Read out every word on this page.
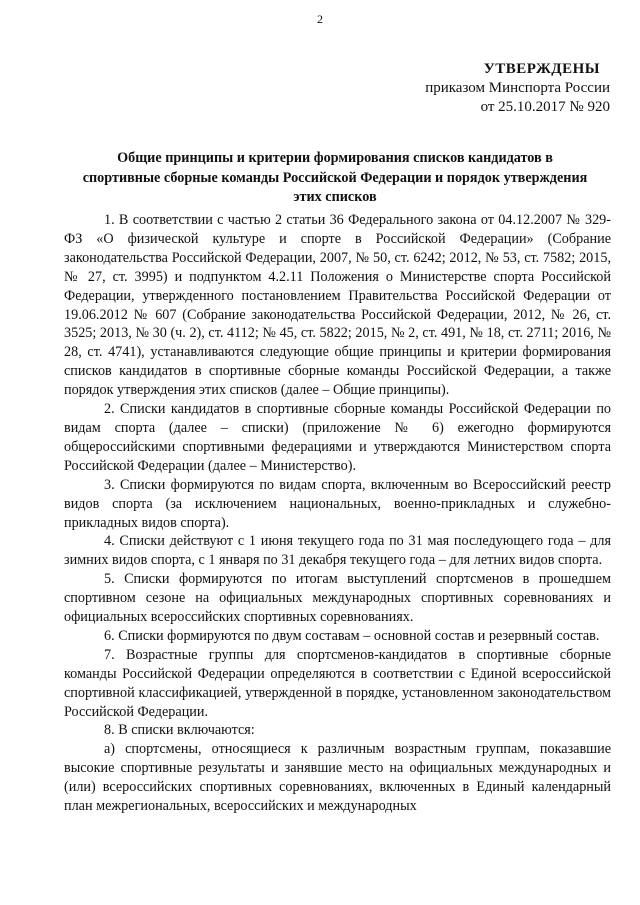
2
УТВЕРЖДЕНЫ
приказом Минспорта России
от 25.10.2017 № 920
Общие принципы и критерии формирования списков кандидатов в спортивные сборные команды Российской Федерации и порядок утверждения этих списков

1. В соответствии с частью 2 статьи 36 Федерального закона от 04.12.2007 № 329-ФЗ «О физической культуре и спорте в Российской Федерации» (Собрание законодательства Российской Федерации, 2007, № 50, ст. 6242; 2012, № 53, ст. 7582; 2015, № 27, ст. 3995) и подпунктом 4.2.11 Положения о Министерстве спорта Российской Федерации, утвержденного постановлением Правительства Российской Федерации от 19.06.2012 № 607 (Собрание законодательства Российской Федерации, 2012, № 26, ст. 3525; 2013, № 30 (ч. 2), ст. 4112; № 45, ст. 5822; 2015, № 2, ст. 491, № 18, ст. 2711; 2016, № 28, ст. 4741), устанавливаются следующие общие принципы и критерии формирования списков кандидатов в спортивные сборные команды Российской Федерации, а также порядок утверждения этих списков (далее – Общие принципы).

2. Списки кандидатов в спортивные сборные команды Российской Федерации по видам спорта (далее – списки) (приложение № 6) ежегодно формируются общероссийскими спортивными федерациями и утверждаются Министерством спорта Российской Федерации (далее – Министерство).

3. Списки формируются по видам спорта, включенным во Всероссийский реестр видов спорта (за исключением национальных, военно-прикладных и служебно-прикладных видов спорта).

4. Списки действуют с 1 июня текущего года по 31 мая последующего года – для зимних видов спорта, с 1 января по 31 декабря текущего года – для летних видов спорта.

5. Списки формируются по итогам выступлений спортсменов в прошедшем спортивном сезоне на официальных международных спортивных соревнованиях и официальных всероссийских спортивных соревнованиях.

6. Списки формируются по двум составам – основной состав и резервный состав.

7. Возрастные группы для спортсменов-кандидатов в спортивные сборные команды Российской Федерации определяются в соответствии с Единой всероссийской спортивной классификацией, утвержденной в порядке, установленном законодательством Российской Федерации.

8. В списки включаются:

а) спортсмены, относящиеся к различным возрастным группам, показавшие высокие спортивные результаты и занявшие место на официальных международных и (или) всероссийских спортивных соревнованиях, включенных в Единый календарный план межрегиональных, всероссийских и международных
